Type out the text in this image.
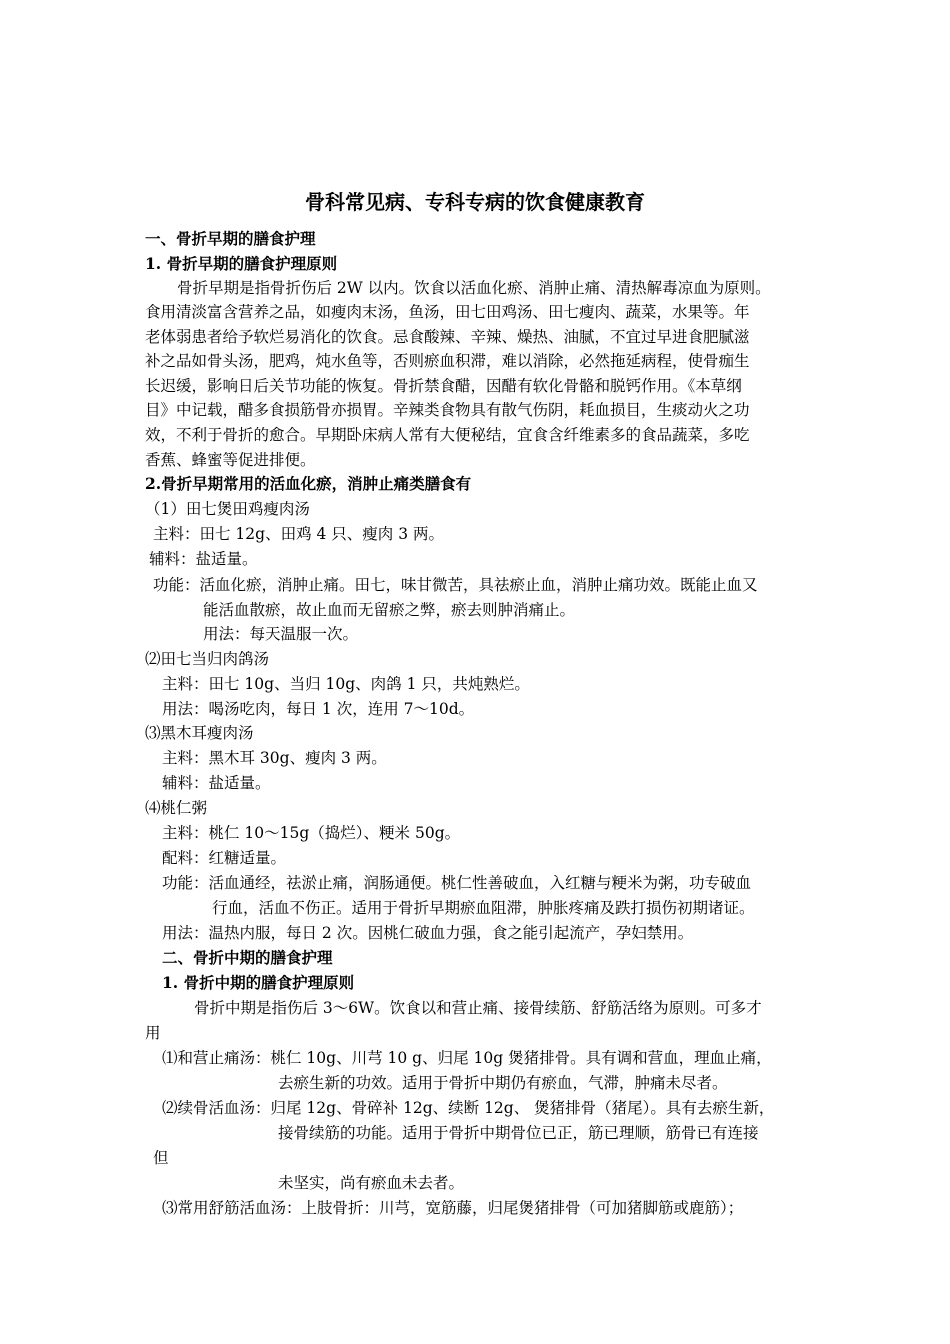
骨科常见病、专科专病的饮食健康教育
一、骨折早期的膳食护理
1. 骨折早期的膳食护理原则
骨折早期是指骨折伤后 2W 以内。饮食以活血化瘀、消肿止痛、清热解毒凉血为原则。
食用清淡富含营养之品，如瘦肉末汤，鱼汤，田七田鸡汤、田七瘦肉、蔬菜，水果等。年
老体弱患者给予软烂易消化的饮食。忌食酸辣、辛辣、燥热、油腻，不宜过早进食肥腻滋
补之品如骨头汤，肥鸡，炖水鱼等，否则瘀血积滞，难以消除，必然拖延病程，使骨痂生
长迟缓，影响日后关节功能的恢复。骨折禁食醋，因醋有软化骨骼和脱钙作用。《本草纲
目》中记载，醋多食损筋骨亦损胃。辛辣类食物具有散气伤阴，耗血损目，生痰动火之功
效，不利于骨折的愈合。早期卧床病人常有大便秘结，宜食含纤维素多的食品蔬菜，多吃
香蕉、蜂蜜等促进排便。
2.骨折早期常用的活血化瘀，消肿止痛类膳食有
（1）田七煲田鸡瘦肉汤
主料：田七 12g、田鸡 4 只、瘦肉 3 两。
辅料：盐适量。
功能：活血化瘀，消肿止痛。田七，味甘微苦，具祛瘀止血，消肿止痛功效。既能止血又
能活血散瘀，故止血而无留瘀之弊，瘀去则肿消痛止。
用法：每天温服一次。
⑵田七当归肉鸽汤
主料：田七 10g、当归 10g、肉鸽 1 只，共炖熟烂。
用法：喝汤吃肉，每日 1 次，连用 7～10d。
⑶黑木耳瘦肉汤
主料：黑木耳 30g、瘦肉 3 两。
辅料：盐适量。
⑷桃仁粥
主料：桃仁 10～15g（捣烂）、粳米 50g。
配料：红糖适量。
功能：活血通经，祛淤止痛，润肠通便。桃仁性善破血，入红糖与粳米为粥，功专破血
行血，活血不伤正。适用于骨折早期瘀血阻滞，肿胀疼痛及跌打损伤初期诸证。
用法：温热内服，每日 2 次。因桃仁破血力强，食之能引起流产，孕妇禁用。
二、骨折中期的膳食护理
1. 骨折中期的膳食护理原则
骨折中期是指伤后 3～6W。饮食以和营止痛、接骨续筋、舒筋活络为原则。可多才
用
⑴和营止痛汤：桃仁 10g、川芎 10 g、归尾 10g 煲猪排骨。具有调和营血，理血止痛，
去瘀生新的功效。适用于骨折中期仍有瘀血，气滞，肿痛未尽者。
⑵续骨活血汤：归尾 12g、骨碎补 12g、续断 12g、 煲猪排骨（猪尾）。具有去瘀生新，
接骨续筋的功能。适用于骨折中期骨位已正，筋已理顺，筋骨已有连接
但
未坚实，尚有瘀血未去者。
⑶常用舒筋活血汤：上肢骨折：川芎，宽筋藤，归尾煲猪排骨（可加猪脚筋或鹿筋）；
